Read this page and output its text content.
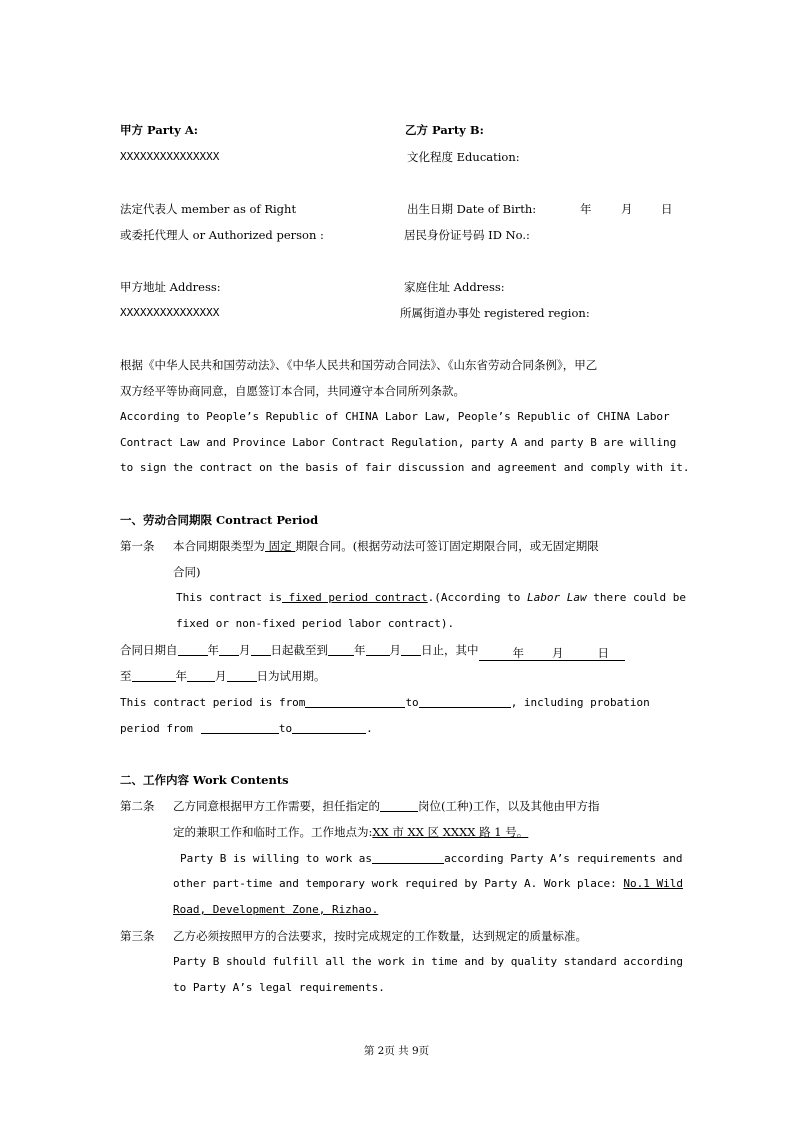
甲方 Party A:	乙方 Party B:
XXXXXXXXXXXXXXX	文化程度 Education:
法定代表人 member as of Right	出生日期 Date of Birth:	年	月 日
或委托代理人 or Authorized person :	居民身份证号码 ID No.:
甲方地址 Address:	家庭住址 Address:
XXXXXXXXXXXXXXX	所属街道办事处 registered region:
根据《中华人民共和国劳动法》、《中华人民共和国劳动合同法》、《山东省劳动合同条例》，甲乙
双方经平等协商同意，自愿签订本合同，共同遵守本合同所列条款。
According to People’s Republic of CHINA Labor Law, People’s Republic of CHINA Labor
Contract Law and Province Labor Contract Regulation, party A and party B are willing
to sign the contract on the basis of fair discussion and agreement and comply with it.
一、劳动合同期限 Contract Period
第一条 本合同期限类型为 固定 期限合同。(根据劳动法可签订固定期限合同，或无固定期限
合同)
This contract is fixed period contract.(According to Labor Law there could be
fixed or non-fixed period labor contract).
合同日期自	年 月 日起截至到 年 月 日止，其中	年 月	日
至	年 月	日为试用期。
This contract period is from	to	, including probation
period from	to	.
二、工作内容 Work Contents
第二条 乙方同意根据甲方工作需要，担任指定的	岗位(工种)工作，以及其他由甲方指
定的兼职工作和临时工作。工作地点为:XX 市 XX 区 XXXX 路 1 号。
Party B is willing to work as	according Party A’s requirements and
other part-time and temporary work required by Party A. Work place: No.1 Wild
Road, Development Zone, Rizhao.
第三条 乙方必须按照甲方的合法要求，按时完成规定的工作数量，达到规定的质量标准。
Party B should fulfill all the work in time and by quality standard according
to Party A’s legal requirements.
第 2页 共 9页
